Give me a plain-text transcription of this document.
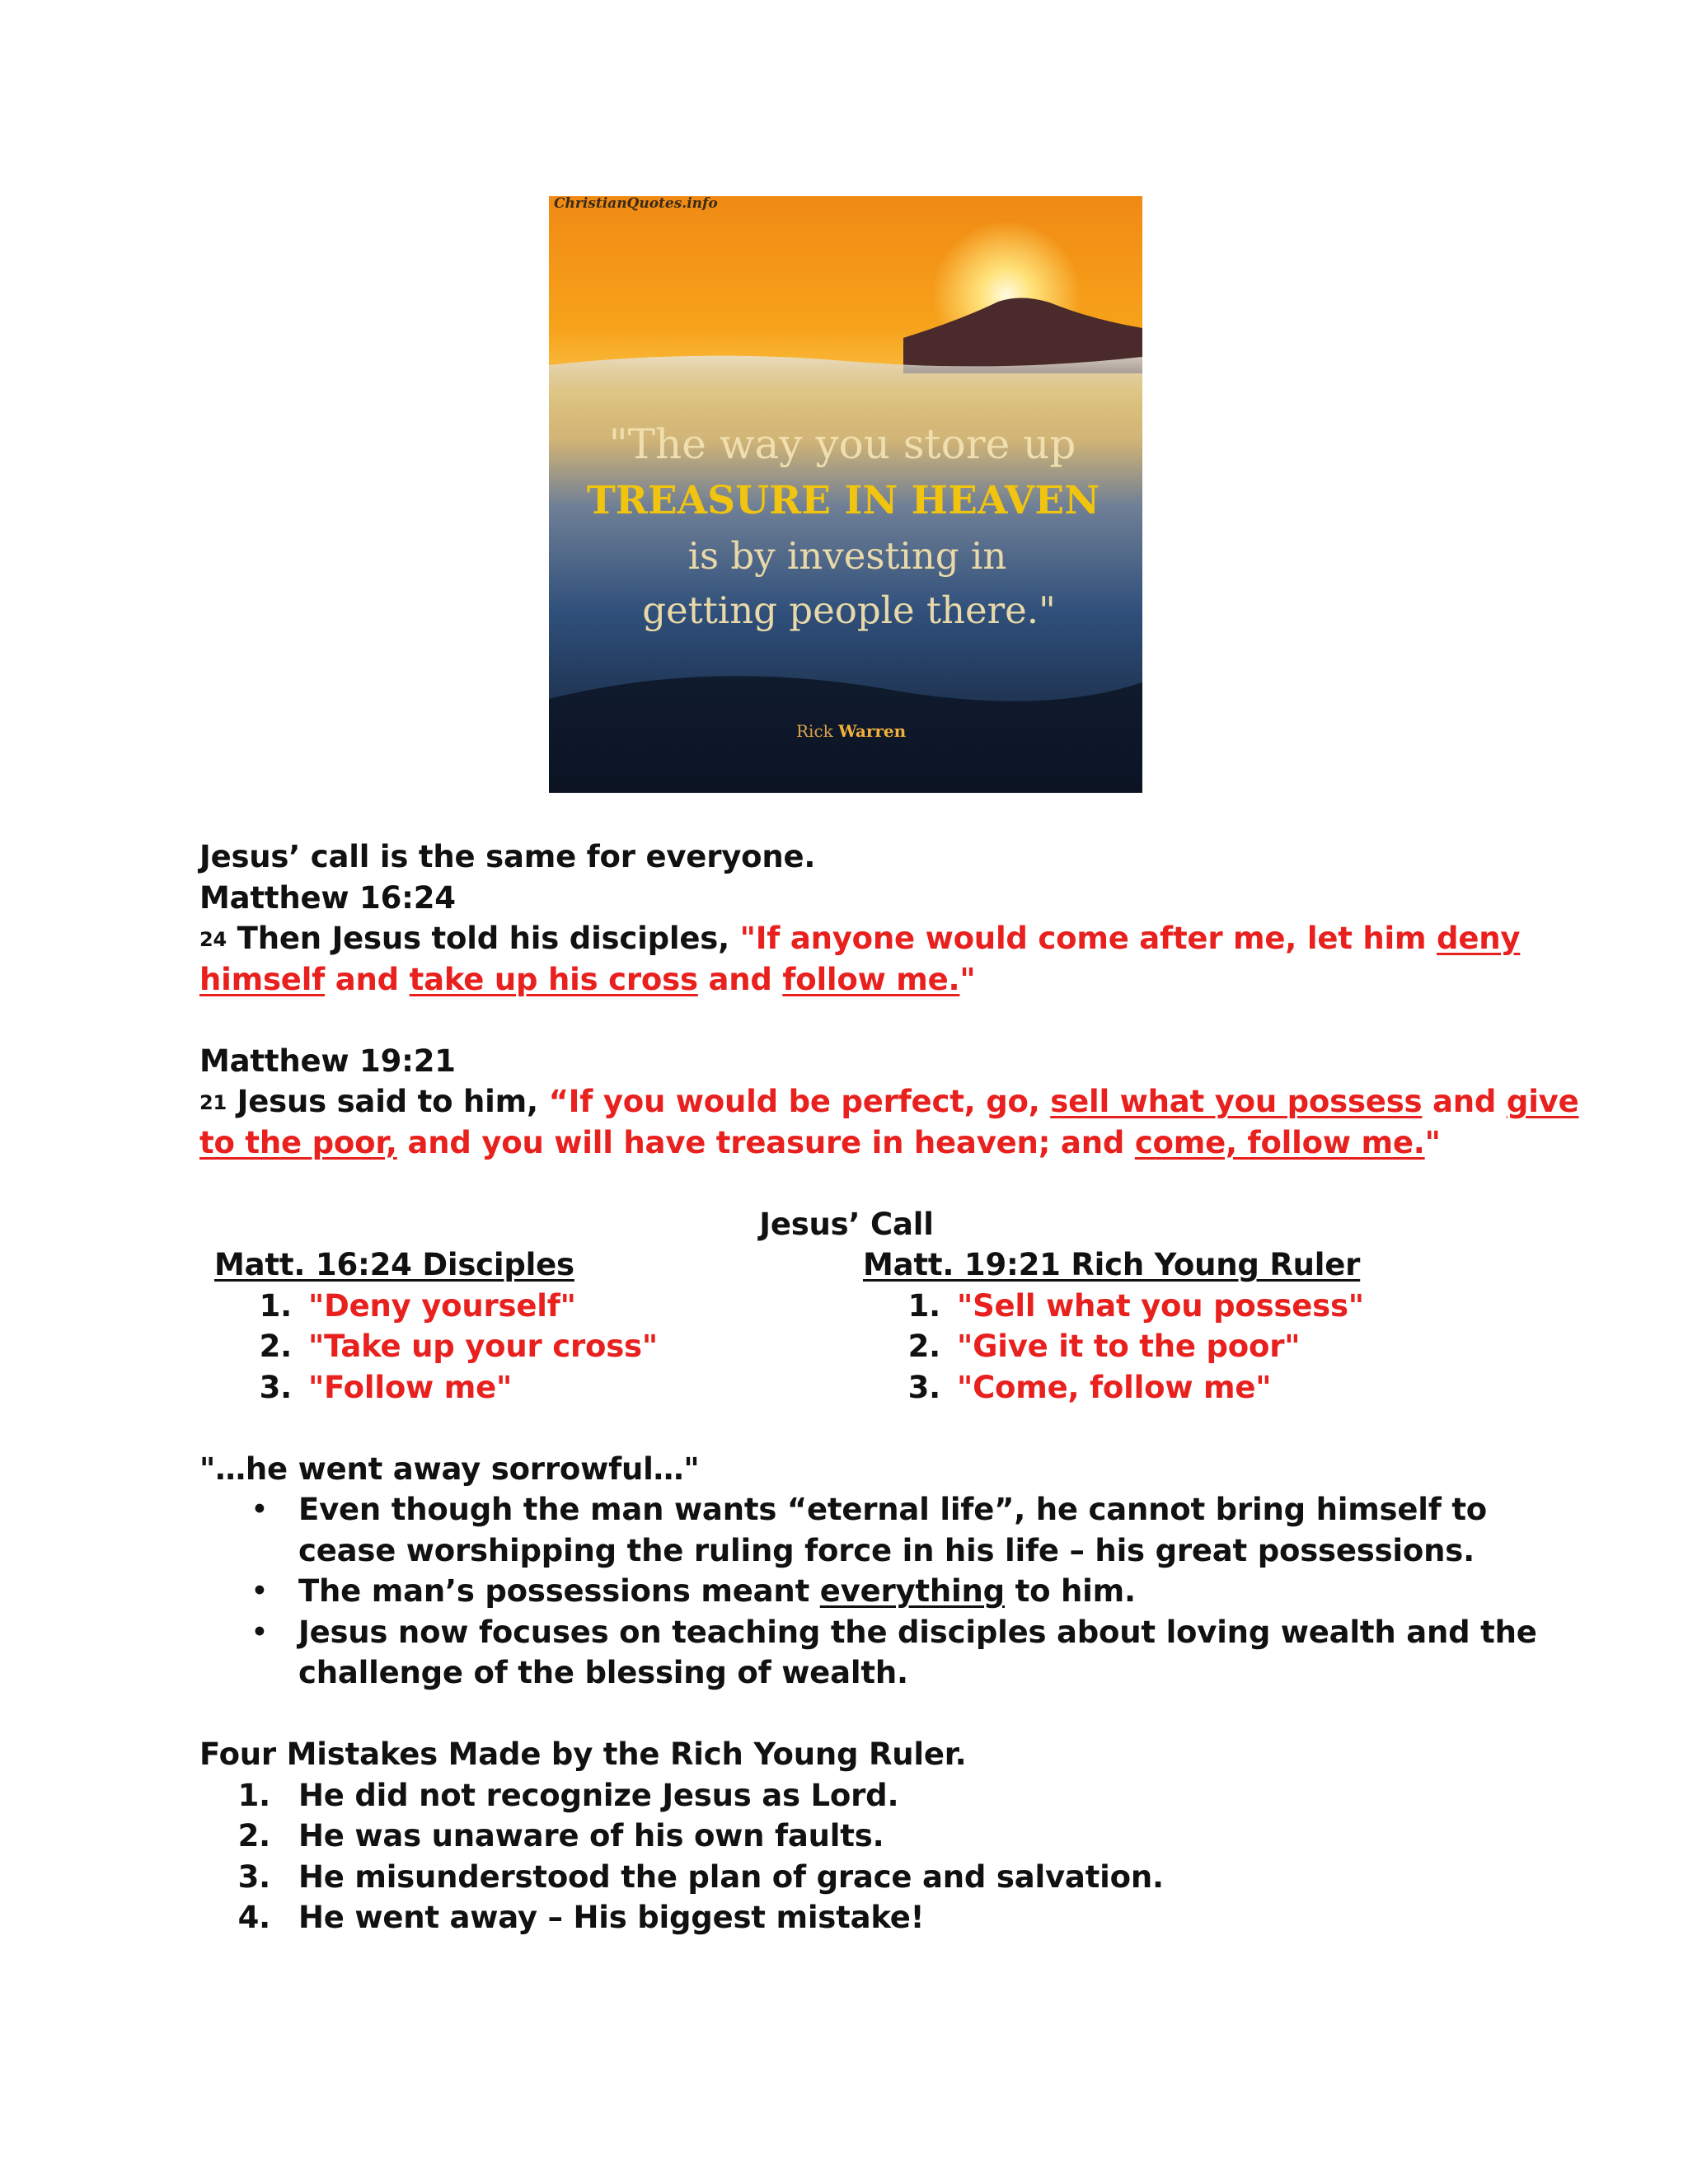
ChristianQuotes.info
"The way you store up
TREASURE IN HEAVEN
is by investing in
getting people there."
Rick Warren
Jesus’ call is the same for everyone.
Matthew 16:24
$^{24}$ Then Jesus told his disciples, "If anyone would come after me, let him deny
himself and take up his cross and follow me."
Matthew 19:21
$^{21}$ Jesus said to him, “If you would be perfect, go, sell what you possess and give
to the poor, and you will have treasure in heaven; and come, follow me."
Jesus’ Call
Matt. 16:24 Disciples
1. "Deny yourself"
2. "Take up your cross"
3. "Follow me"
Matt. 19:21 Rich Young Ruler
1. "Sell what you possess"
2. "Give it to the poor"
3. "Come, follow me"
"…he went away sorrowful…"
• Even though the man wants “eternal life”, he cannot bring himself to
cease worshipping the ruling force in his life – his great possessions.
• The man’s possessions meant everything to him.
• Jesus now focuses on teaching the disciples about loving wealth and the
challenge of the blessing of wealth.
Four Mistakes Made by the Rich Young Ruler.
1. He did not recognize Jesus as Lord.
2. He was unaware of his own faults.
3. He misunderstood the plan of grace and salvation.
4. He went away – His biggest mistake!
